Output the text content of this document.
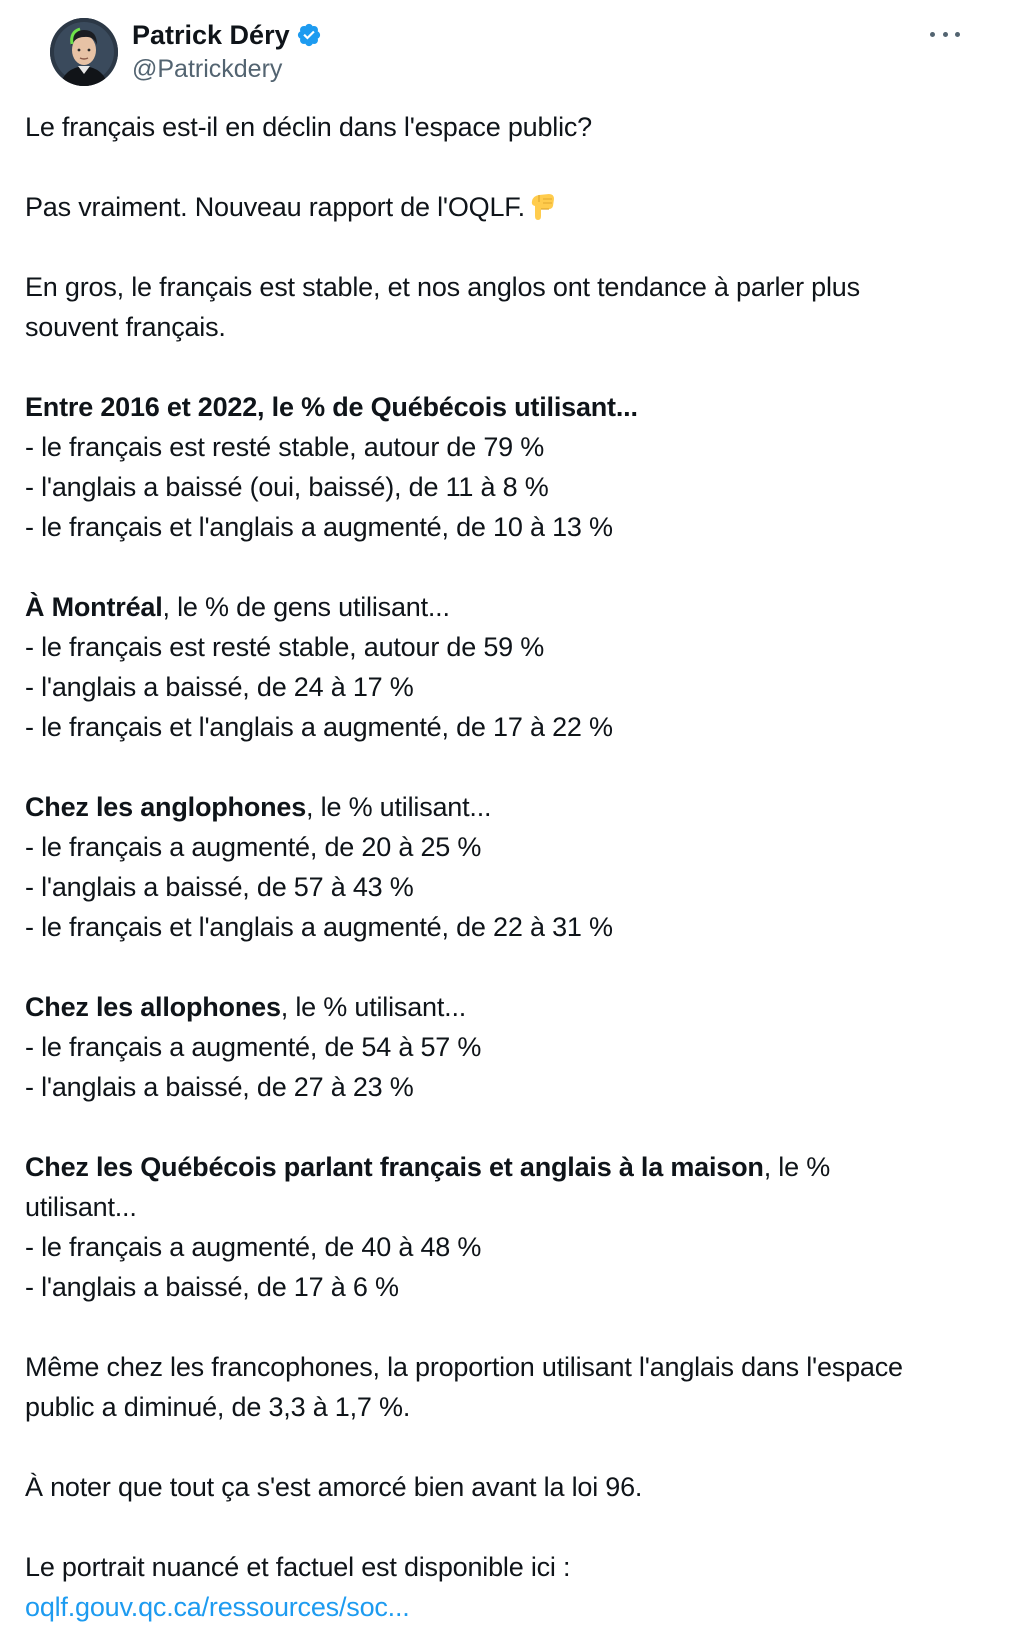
Patrick Déry
@Patrickdery
Le français est-il en déclin dans l'espace public?
Pas vraiment. Nouveau rapport de l'OQLF.
En gros, le français est stable, et nos anglos ont tendance à parler plus
souvent français.
Entre 2016 et 2022, le % de Québécois utilisant...
- le français est resté stable, autour de 79 %
- l'anglais a baissé (oui, baissé), de 11 à 8 %
- le français et l'anglais a augmenté, de 10 à 13 %
À Montréal, le % de gens utilisant...
- le français est resté stable, autour de 59 %
- l'anglais a baissé, de 24 à 17 %
- le français et l'anglais a augmenté, de 17 à 22 %
Chez les anglophones, le % utilisant...
- le français a augmenté, de 20 à 25 %
- l'anglais a baissé, de 57 à 43 %
- le français et l'anglais a augmenté, de 22 à 31 %
Chez les allophones, le % utilisant...
- le français a augmenté, de 54 à 57 %
- l'anglais a baissé, de 27 à 23 %
Chez les Québécois parlant français et anglais à la maison, le %
utilisant...
- le français a augmenté, de 40 à 48 %
- l'anglais a baissé, de 17 à 6 %
Même chez les francophones, la proportion utilisant l'anglais dans l'espace
public a diminué, de 3,3 à 1,7 %.
À noter que tout ça s'est amorcé bien avant la loi 96.
Le portrait nuancé et factuel est disponible ici :
oqlf.gouv.qc.ca/ressources/soc...
